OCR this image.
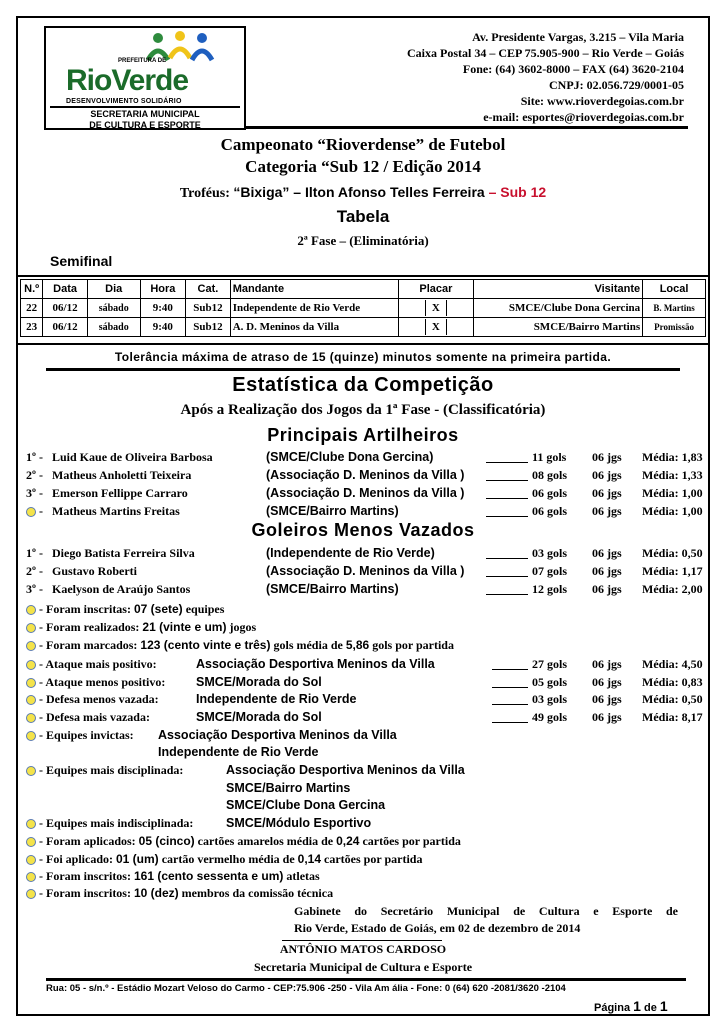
PREFEITURA DE
RioVerde
DESENVOLVIMENTO SOLIDÁRIO
SECRETARIA MUNICIPAL
DE CULTURA E ESPORTE
Av. Presidente Vargas, 3.215 – Vila Maria
Caixa Postal 34 – CEP 75.905-900 – Rio Verde – Goiás
Fone: (64) 3602-8000 – FAX (64) 3620-2104
CNPJ: 02.056.729/0001-05
Site: www.rioverdegoias.com.br
e-mail: esportes@rioverdegoias.com.br
Campeonato “Rioverdense” de Futebol
Categoria “Sub 12 / Edição 2014
Troféus: “Bixiga” – Ilton Afonso Telles Ferreira – Sub 12
Tabela
2ª Fase – (Eliminatória)
Semifinal
N.º	Data	Dia	Hora	Cat.	Mandante	Placar	Visitante	Local
22	06/12	sábado	9:40	Sub12	Independente de Rio Verde	X	SMCE/Clube Dona Gercina	B. Martins
23	06/12	sábado	9:40	Sub12	A. D. Meninos da Villa	X	SMCE/Bairro Martins	Promissão
Tolerância máxima de atraso de 15 (quinze) minutos somente na primeira partida.
Estatística da Competição
Após a Realização dos Jogos da 1ª Fase - (Classificatória)
Principais Artilheiros
1º - Luid Kaue de Oliveira Barbosa	(SMCE/Clube Dona Gercina)	11 gols 06 jgs Média: 1,83
2º - Matheus Anholetti Teixeira	(Associação D. Meninos da Villa )	08 gols 06 jgs Média: 1,33
3º - Emerson Fellippe Carraro	(Associação D. Meninos da Villa )	06 gols 06 jgs Média: 1,00
- Matheus Martins Freitas	(SMCE/Bairro Martins)	06 gols 06 jgs Média: 1,00
Goleiros Menos Vazados
1º - Diego Batista Ferreira Silva	(Independente de Rio Verde)	03 gols 06 jgs Média: 0,50
2º - Gustavo Roberti	(Associação D. Meninos da Villa )	07 gols 06 jgs Média: 1,17
3º - Kaelyson de Araújo Santos	(SMCE/Bairro Martins)	12 gols 06 jgs Média: 2,00
- Foram inscritas: 07 (sete) equipes
- Foram realizados: 21 (vinte e um) jogos
- Foram marcados: 123 (cento vinte e três) gols média de 5,86 gols por partida
- Ataque mais positivo:	Associação Desportiva Meninos da Villa	27 gols 06 jgs Média: 4,50
- Ataque menos positivo: SMCE/Morada do Sol	05 gols 06 jgs Média: 0,83
- Defesa menos vazada:	Independente de Rio Verde	03 gols 06 jgs Média: 0,50
- Defesa mais vazada:	SMCE/Morada do Sol	49 gols 06 jgs Média: 8,17
- Equipes invictas: Associação Desportiva Meninos da Villa
Independente de Rio Verde
- Equipes mais disciplinada:	Associação Desportiva Meninos da Villa
SMCE/Bairro Martins
SMCE/Clube Dona Gercina
- Equipes mais indisciplinada:	SMCE/Módulo Esportivo
- Foram aplicados: 05 (cinco) cartões amarelos média de 0,24 cartões por partida
- Foi aplicado: 01 (um) cartão vermelho média de 0,14 cartões por partida
- Foram inscritos: 161 (cento sessenta e um) atletas
- Foram inscritos: 10 (dez) membros da comissão técnica
Gabinete do Secretário Municipal de Cultura e Esporte de
Rio Verde, Estado de Goiás, em 02 de dezembro de 2014
ANTÔNIO MATOS CARDOSO
Secretaria Municipal de Cultura e Esporte
Rua: 05 - s/n.º - Estádio Mozart Veloso do Carmo - CEP:75.906 -250 - Vila Am ália - Fone: 0 (64) 620 -2081/3620 -2104
Página 1 de 1
